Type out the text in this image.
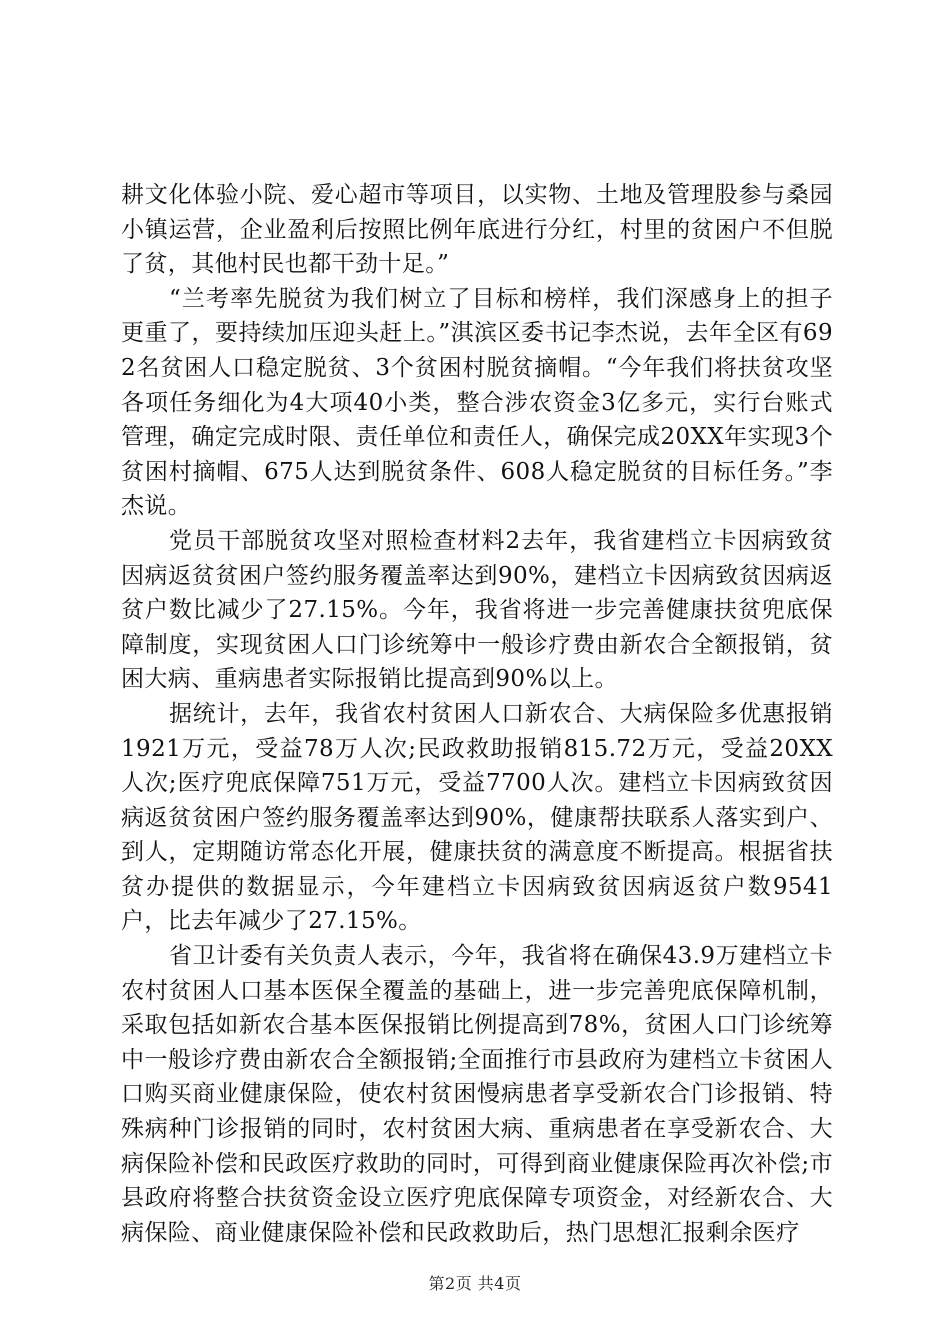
耕文化体验小院、爱心超市等项目，以实物、土地及管理股参与桑园小镇运营，企业盈利后按照比例年底进行分红，村里的贫困户不但脱了贫，其他村民也都干劲十足。”

“兰考率先脱贫为我们树立了目标和榜样，我们深感身上的担子更重了，要持续加压迎头赶上。”淇滨区委书记李杰说，去年全区有692名贫困人口稳定脱贫、3个贫困村脱贫摘帽。“今年我们将扶贫攻坚各项任务细化为4大项40小类，整合涉农资金3亿多元，实行台账式管理，确定完成时限、责任单位和责任人，确保完成20XX年实现3个贫困村摘帽、675人达到脱贫条件、608人稳定脱贫的目标任务。”李杰说。

党员干部脱贫攻坚对照检查材料2去年，我省建档立卡因病致贫因病返贫贫困户签约服务覆盖率达到90%，建档立卡因病致贫因病返贫户数比减少了27.15%。今年，我省将进一步完善健康扶贫兜底保障制度，实现贫困人口门诊统筹中一般诊疗费由新农合全额报销，贫困大病、重病患者实际报销比提高到90%以上。

据统计，去年，我省农村贫困人口新农合、大病保险多优惠报销1921万元，受益78万人次;民政救助报销815.72万元，受益20XX人次;医疗兜底保障751万元，受益7700人次。建档立卡因病致贫因病返贫贫困户签约服务覆盖率达到90%，健康帮扶联系人落实到户、到人，定期随访常态化开展，健康扶贫的满意度不断提高。根据省扶贫办提供的数据显示，今年建档立卡因病致贫因病返贫户数9541户，比去年减少了27.15%。

省卫计委有关负责人表示，今年，我省将在确保43.9万建档立卡农村贫困人口基本医保全覆盖的基础上，进一步完善兜底保障机制，采取包括如新农合基本医保报销比例提高到78%，贫困人口门诊统筹中一般诊疗费由新农合全额报销;全面推行市县政府为建档立卡贫困人口购买商业健康保险，使农村贫困慢病患者享受新农合门诊报销、特殊病种门诊报销的同时，农村贫困大病、重病患者在享受新农合、大病保险补偿和民政医疗救助的同时，可得到商业健康保险再次补偿;市县政府将整合扶贫资金设立医疗兜底保障专项资金，对经新农合、大病保险、商业健康保险补偿和民政救助后，热门思想汇报剩余医疗

第2页 共4页
